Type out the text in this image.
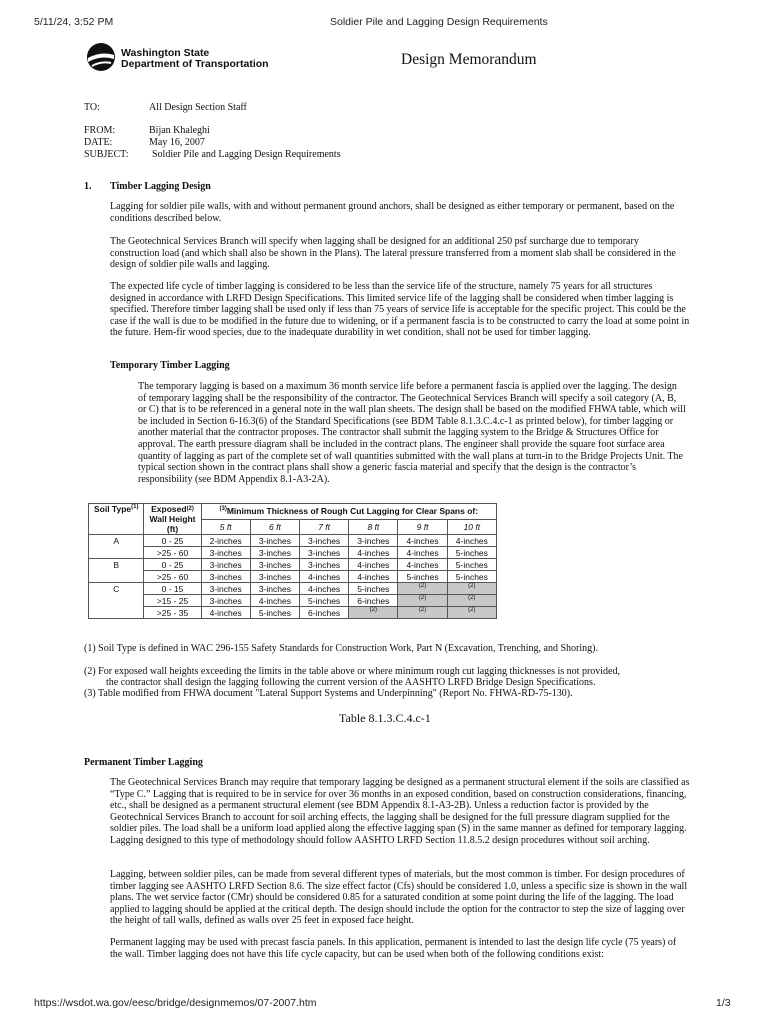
5/11/24, 3:52 PM	Soldier Pile and Lagging Design Requirements
Washington State
Department of Transportation	Design Memorandum
TO:	All Design Section Staff
FROM:	Bijan Khaleghi
DATE:	May 16, 2007
SUBJECT: Soldier Pile and Lagging Design Requirements
1. Timber Lagging Design
Lagging for soldier pile walls, with and without permanent ground anchors, shall be designed as either temporary or permanent, based on the conditions described below.
The Geotechnical Services Branch will specify when lagging shall be designed for an additional 250 psf surcharge due to temporary construction load (and which shall also be shown in the Plans). The lateral pressure transferred from a moment slab shall be considered in the design of soldier pile walls and lagging.
The expected life cycle of timber lagging is considered to be less than the service life of the structure, namely 75 years for all structures designed in accordance with LRFD Design Specifications. This limited service life of the lagging shall be considered when timber lagging is specified. Therefore timber lagging shall be used only if less than 75 years of service life is acceptable for the specific project. This could be the case if the wall is due to be modified in the future due to widening, or if a permanent fascia is to be constructed to carry the load at some point in the future. Hem-fir wood species, due to the inadequate durability in wet condition, shall not be used for timber lagging.
Temporary Timber Lagging
The temporary lagging is based on a maximum 36 month service life before a permanent fascia is applied over the lagging. The design of temporary lagging shall be the responsibility of the contractor. The Geotechnical Services Branch will specify a soil category (A, B, or C) that is to be referenced in a general note in the wall plan sheets. The design shall be based on the modified FHWA table, which will be included in Section 6-16.3(6) of the Standard Specifications (see BDM Table 8.1.3.C.4.c-1 as printed below), for timber lagging or another material that the contractor proposes. The contractor shall submit the lagging system to the Bridge & Structures Office for approval. The earth pressure diagram shall be included in the contract plans. The engineer shall provide the square foot surface area quantity of lagging as part of the complete set of wall quantities submitted with the wall plans at turn-in to the Bridge Projects Unit. The typical section shown in the contract plans shall show a generic fascia material and specify that the design is the contractor’s responsibility (see BDM Appendix 8.1-A3-2A).
Soil Type$^{(1)}$	Exposed$^{(2)}$
Wall Height
(ft)	$^{(3)}$Minimum Thickness of Rough Cut Lagging for Clear Spans of:					
		5 ft	6 ft	7 ft	8 ft	9 ft	10 ft
A	0 - 25	2-inches	3-inches	3-inches	3-inches	4-inches	4-inches
	>25 - 60	3-inches	3-inches	3-inches	4-inches	4-inches	5-inches
B	0 - 25	3-inches	3-inches	3-inches	4-inches	4-inches	5-inches
	>25 - 60	3-inches	3-inches	4-inches	4-inches	5-inches	5-inches
C	0 - 15	3-inches	3-inches	4-inches	5-inches	(2)	(2)
	>15 - 25	3-inches	4-inches	5-inches	6-inches	(2)	(2)
	>25 - 35	4-inches	5-inches	6-inches	(2)	(2)	(2)
(1) Soil Type is defined in WAC 296-155 Safety Standards for Construction Work, Part N (Excavation, Trenching, and Shoring).
(2) For exposed wall heights exceeding the limits in the table above or where minimum rough cut lagging thicknesses is not provided,
the contractor shall design the lagging following the current version of the AASHTO LRFD Bridge Design Specifications.
(3) Table modified from FHWA document "Lateral Support Systems and Underpinning" (Report No. FHWA-RD-75-130).
Table 8.1.3.C.4.c-1
Permanent Timber Lagging
The Geotechnical Services Branch may require that temporary lagging be designed as a permanent structural element if the soils are classified as “Type C.” Lagging that is required to be in service for over 36 months in an exposed condition, based on construction considerations, financing, etc., shall be designed as a permanent structural element (see BDM Appendix 8.1-A3-2B). Unless a reduction factor is provided by the Geotechnical Services Branch to account for soil arching effects, the lagging shall be designed for the full pressure diagram supplied for the soldier piles. The load shall be a uniform load applied along the effective lagging span (S) in the same manner as defined for temporary lagging. Lagging designed to this type of methodology should follow AASHTO LRFD Section 11.8.5.2 design procedures without soil arching.
Lagging, between soldier piles, can be made from several different types of materials, but the most common is timber. For design procedures of timber lagging see AASHTO LRFD Section 8.6. The size effect factor (Cfs) should be considered 1.0, unless a specific size is shown in the wall plans. The wet service factor (CMr) should be considered 0.85 for a saturated condition at some point during the life of the lagging. The load applied to lagging should be applied at the critical depth. The design should include the option for the contractor to step the size of lagging over the height of tall walls, defined as walls over 25 feet in exposed face height.
Permanent lagging may be used with precast fascia panels. In this application, permanent is intended to last the design life cycle (75 years) of the wall. Timber lagging does not have this life cycle capacity, but can be used when both of the following conditions exist:
https://wsdot.wa.gov/eesc/bridge/designmemos/07-2007.htm	1/3
